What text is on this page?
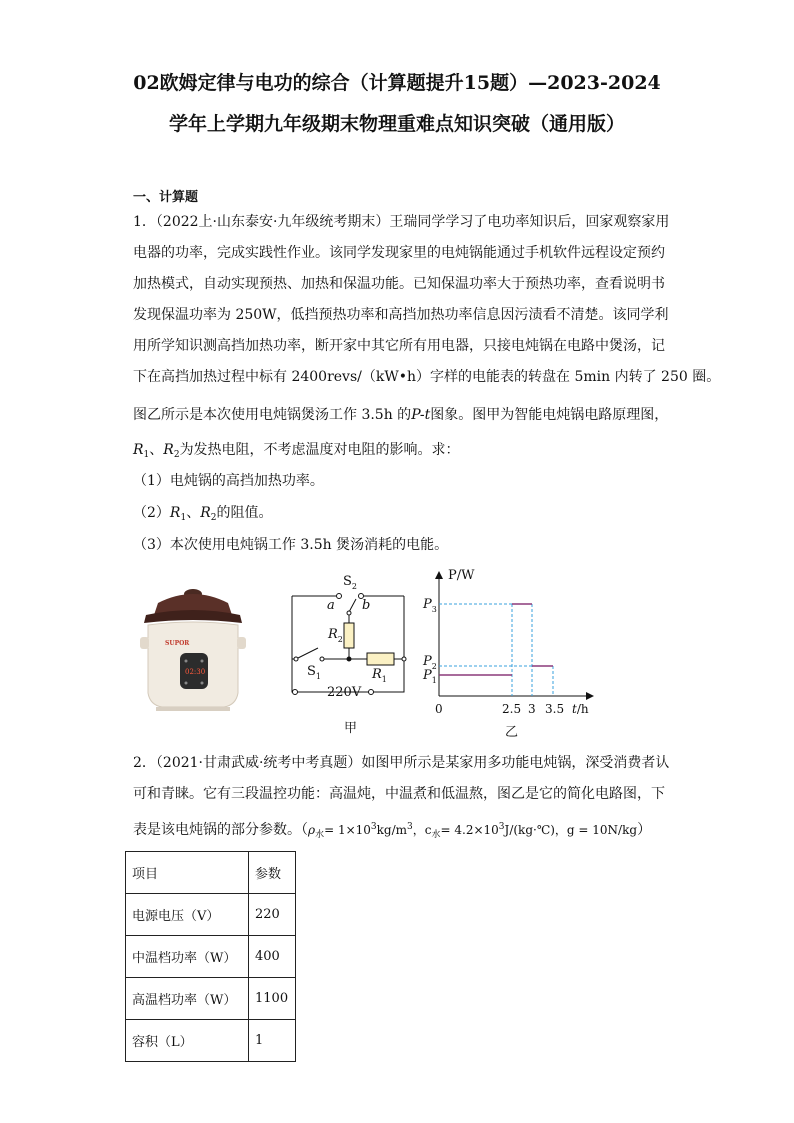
02欧姆定律与电功的综合（计算题提升15题）—2023-2024
学年上学期九年级期末物理重难点知识突破（通用版）
一、计算题
1．（2022上·山东泰安·九年级统考期末）王瑞同学学习了电功率知识后，回家观察家用
电器的功率，完成实践性作业。该同学发现家里的电炖锅能通过手机软件远程设定预约
加热模式，自动实现预热、加热和保温功能。已知保温功率大于预热功率，查看说明书
发现保温功率为 250W，低挡预热功率和高挡加热功率信息因污渍看不清楚。该同学利
用所学知识测高挡加热功率，断开家中其它所有用电器，只接电炖锅在电路中煲汤，记
下在高挡加热过程中标有 2400revs/（kW•h）字样的电能表的转盘在 5min 内转了 250 圈。
图乙所示是本次使用电炖锅煲汤工作 3.5h 的P-t图象。图甲为智能电炖锅电路原理图，
$R_1$、$R_2$为发热电阻，不考虑温度对电阻的影响。求：
（1）电炖锅的高挡加热功率。
$(2)R_1$、$R_2$的阻值。
（3）本次使用电炖锅工作 3.5h 煲汤消耗的电能。
SUPOR
02:30
$S_2$
a b
$R_2$
$S_1$	$R_1$
220V
甲
P/W
$P_3$
$P_2$
$P_1$
0	2.5 3 3.5 t/h
乙
2．（2021·甘肃武威·统考中考真题）如图甲所示是某家用多功能电炖锅，深受消费者认
可和青睐。它有三段温控功能：高温炖，中温煮和低温熬，图乙是它的简化电路图，下
表是该电炖锅的部分参数。（$\rho_水= 1\times 10^3kg/m^3$，$c_水=$ $4.2\times 10^3J/(kg\cdot℃)$，g = 10N/kg）
项目	参数
电源电压（V）	220
中温档功率（W）	400
高温档功率（W）	1100
容积（L）	1
